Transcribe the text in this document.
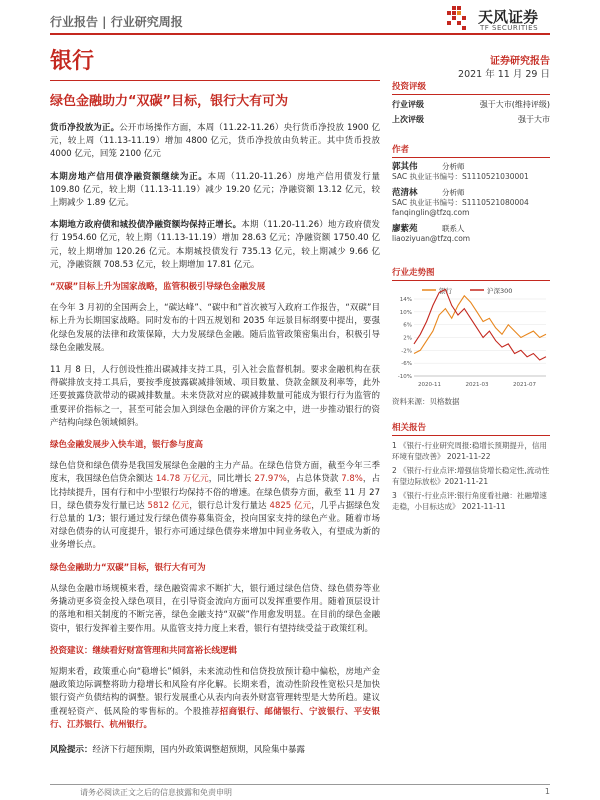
行业报告 | 行业研究周报	天风证券
TF SECURITIES
银行	证券研究报告
2021 年 11 月 29 日
绿色金融助力“双碳”目标，银行大有可为

货币净投放为正。公开市场操作方面，本周（11.22-11.26）央行货币净投放 1900 亿元，较上周（11.13-11.19）增加 4800 亿元，货币净投放由负转正。其中货币投放 4000 亿元，回笼 2100 亿元

本期房地产信用债净融资额继续为正。本周（11.20-11.26）房地产信用债发行量 109.80 亿元，较上期（11.13-11.19）减少 19.20 亿元；净融资额 13.12 亿元，较上期减少 1.89 亿元。

本期地方政府债和城投债净融资额均保持正增长。本期（11.20-11.26）地方政府债发行 1954.60 亿元，较上期（11.13-11.19）增加 28.63 亿元；净融资额 1750.40 亿元，较上期增加 120.26 亿元。本期城投债发行 735.13 亿元，较上期减少 9.66 亿元，净融资额 708.53 亿元，较上期增加 17.81 亿元。

“双碳”目标上升为国家战略，监管积极引导绿色金融发展

在今年 3 月初的全国两会上，“碳达峰”、“碳中和”首次被写入政府工作报告，“双碳”目标上升为长期国家战略。同时发布的十四五规划和 2035 年远景目标纲要中提出，要强化绿色发展的法律和政策保障，大力发展绿色金融。随后监管政策密集出台，积极引导绿色金融发展。

11 月 8 日，人行创设性推出碳减排支持工具，引入社会监督机制。要求金融机构在获得碳排放支持工具后，要按季度披露碳减排领域、项目数量、贷款金额及利率等，此外还要披露贷款带动的碳减排数量。未来贷款对应的碳减排数量可能成为银行行为监管的重要评价指标之一，甚至可能会加入到绿色金融的评价方案之中，进一步推动银行的资产结构向绿色领域倾斜。

绿色金融发展步入快车道，银行参与度高

绿色信贷和绿色债券是我国发展绿色金融的主力产品。在绿色信贷方面，截至今年三季度末，我国绿色信贷余额达 14.78 万亿元，同比增长 27.97%，占总体贷款 7.8%，占比持续提升，国有行和中小型银行均保持不俗的增速。在绿色债券方面，截至 11 月 27 日，绿色债券发行量已达 5812 亿元，银行总计发行量达 4825 亿元，几乎占据绿色发行总量的 1/3；银行通过发行绿色债券募集资金，投向国家支持的绿色产业。随着市场对绿色债券的认可度提升，银行亦可通过绿色债券来增加中间业务收入，有望成为新的业务增长点。

绿色金融助力“双碳”目标，银行大有可为

从绿色金融市场规模来看，绿色融资需求不断扩大，银行通过绿色信贷、绿色债券等业务撬动更多资金投入绿色项目，在引导资金流向方面可以发挥重要作用。随着顶层设计的落地和相关制度的不断完善，绿色金融支持“双碳”作用愈发明显。在目前的绿色金融资中，银行发挥着主要作用。从监管支持力度上来看，银行有望持续受益于政策红利。

投资建议：继续看好财富管理和共同富裕长线逻辑

短期来看，政策重心向“稳增长”倾斜，未来流动性和信贷投放预计稳中偏松，房地产金融政策边际调整将助力稳增长和风险有序化解。长期来看，流动性阶段性宽松只是加快银行资产负债结构的调整。银行发展重心从表内向表外财富管理转型是大势所趋。建议重视轻资产、低风险的零售标的。个股推荐招商银行、邮储银行、宁波银行、平安银行、江苏银行、杭州银行。

风险提示：经济下行超预期，国内外政策调整超预期，风险集中暴露

投资评级
行业评级	强于大市(维持评级)
上次评级	强于大市
作者
郭其伟	分析师
SAC 执业证书编号：S1110521030001
范清林	分析师
SAC 执业证书编号：S1110521080004
fanqinglin@tfzq.com
廖紫苑	联系人
liaoziyuan@tfzq.com
行业走势图
银行	沪深300
14%
10%
6%
2%
-2%
-6%
-10%
2020-11	2021-03	2021-07
资料来源：贝格数据
相关报告
1 《银行-行业研究周报:稳增长预期提升，信用环境有望改善》 2021-11-22
2 《银行-行业点评:增强信贷增长稳定性,流动性有望边际放松》2021-11-21
3 《银行-行业点评:银行角度看社融：社融增速走稳，小目标达成》 2021-11-11
请务必阅读正文之后的信息披露和免责申明	1
